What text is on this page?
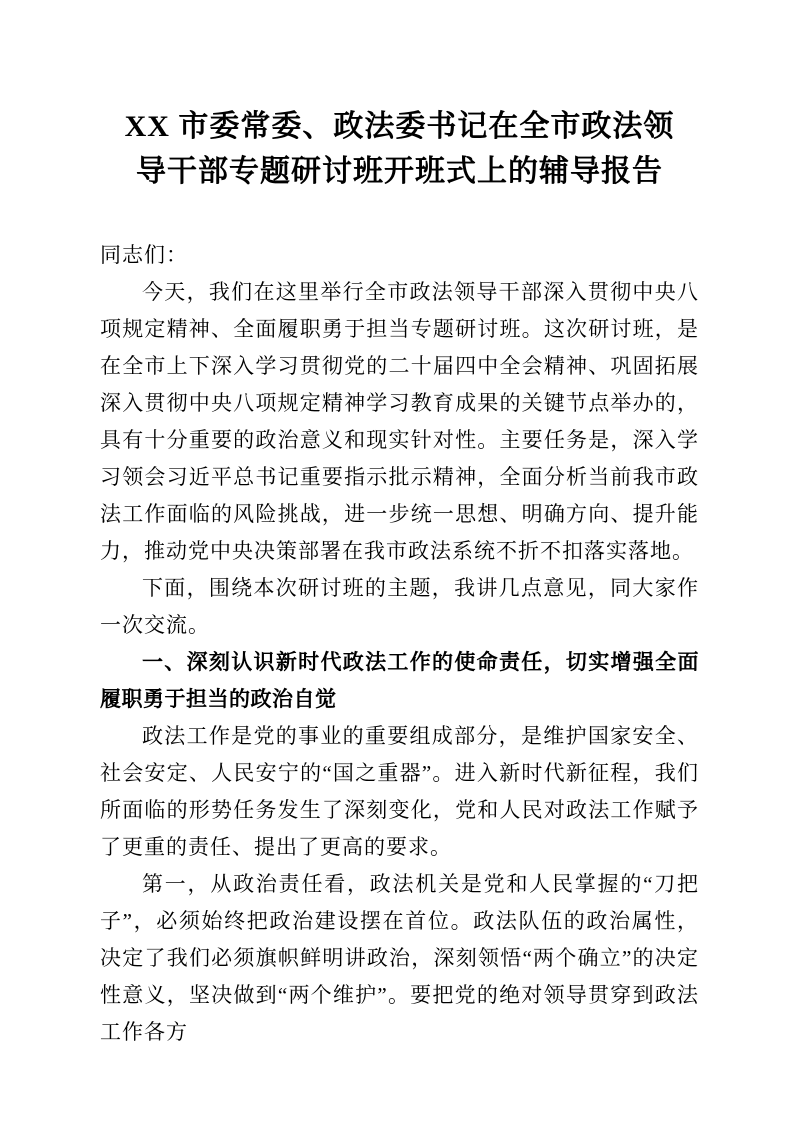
XX 市委常委、政法委书记在全市政法领
导干部专题研讨班开班式上的辅导报告

同志们：

今天，我们在这里举行全市政法领导干部深入贯彻中央八项规定精神、全面履职勇于担当专题研讨班。这次研讨班，是在全市上下深入学习贯彻党的二十届四中全会精神、巩固拓展深入贯彻中央八项规定精神学习教育成果的关键节点举办的，具有十分重要的政治意义和现实针对性。主要任务是，深入学习领会习近平总书记重要指示批示精神，全面分析当前我市政法工作面临的风险挑战，进一步统一思想、明确方向、提升能力，推动党中央决策部署在我市政法系统不折不扣落实落地。

下面，围绕本次研讨班的主题，我讲几点意见，同大家作一次交流。

一、深刻认识新时代政法工作的使命责任，切实增强全面履职勇于担当的政治自觉

政法工作是党的事业的重要组成部分，是维护国家安全、社会安定、人民安宁的“国之重器”。进入新时代新征程，我们所面临的形势任务发生了深刻变化，党和人民对政法工作赋予了更重的责任、提出了更高的要求。

第一，从政治责任看，政法机关是党和人民掌握的“刀把子”，必须始终把政治建设摆在首位。政法队伍的政治属性，决定了我们必须旗帜鲜明讲政治，深刻领悟“两个确立”的决定性意义，坚决做到“两个维护”。要把党的绝对领导贯穿到政法工作各方
